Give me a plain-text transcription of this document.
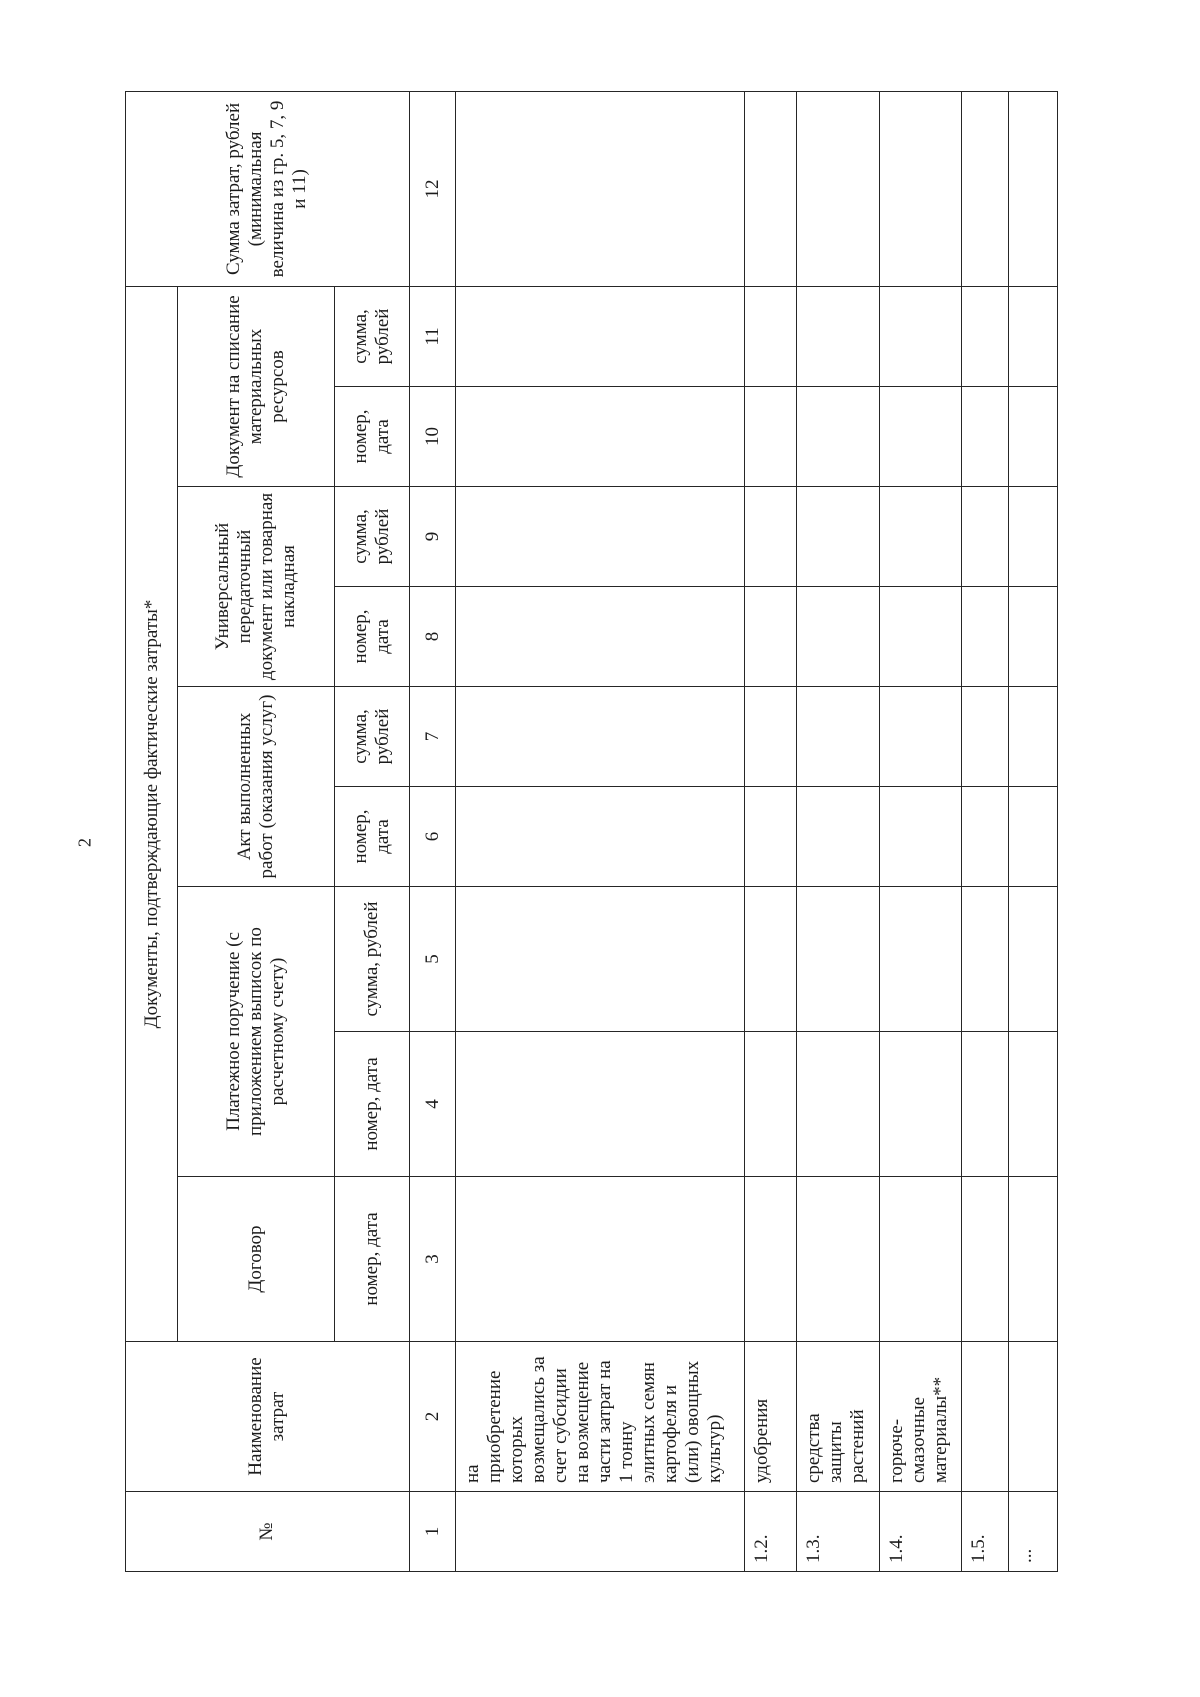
2
№	Наименование затрат	Документы, подтверждающие фактические затраты*									Сумма затрат, рублей (минимальная величина из гр. 5, 7, 9 и 11)
		Договор	Платежное поручение (с приложением выписок по расчетному счету)		Акт выполненных работ (оказания услуг)		Универсальный передаточный документ или товарная накладная		Документ на списание материальных ресурсов		
		номер, дата	номер, дата	сумма, рублей	номер, дата	сумма, рублей	номер, дата	сумма, рублей	номер, дата	сумма, рублей	
1	2	3	4	5	6	7	8	9	10	11	12
	на приобретение которых возмещались за счет субсидии на возмещение части затрат на 1 тонну элитных семян картофеля и (или) овощных культур)										
1.2.	удобрения										
1.3.	средства защиты растений										
1.4.	горюче-смазочные материалы**										
1.5.											
...											
